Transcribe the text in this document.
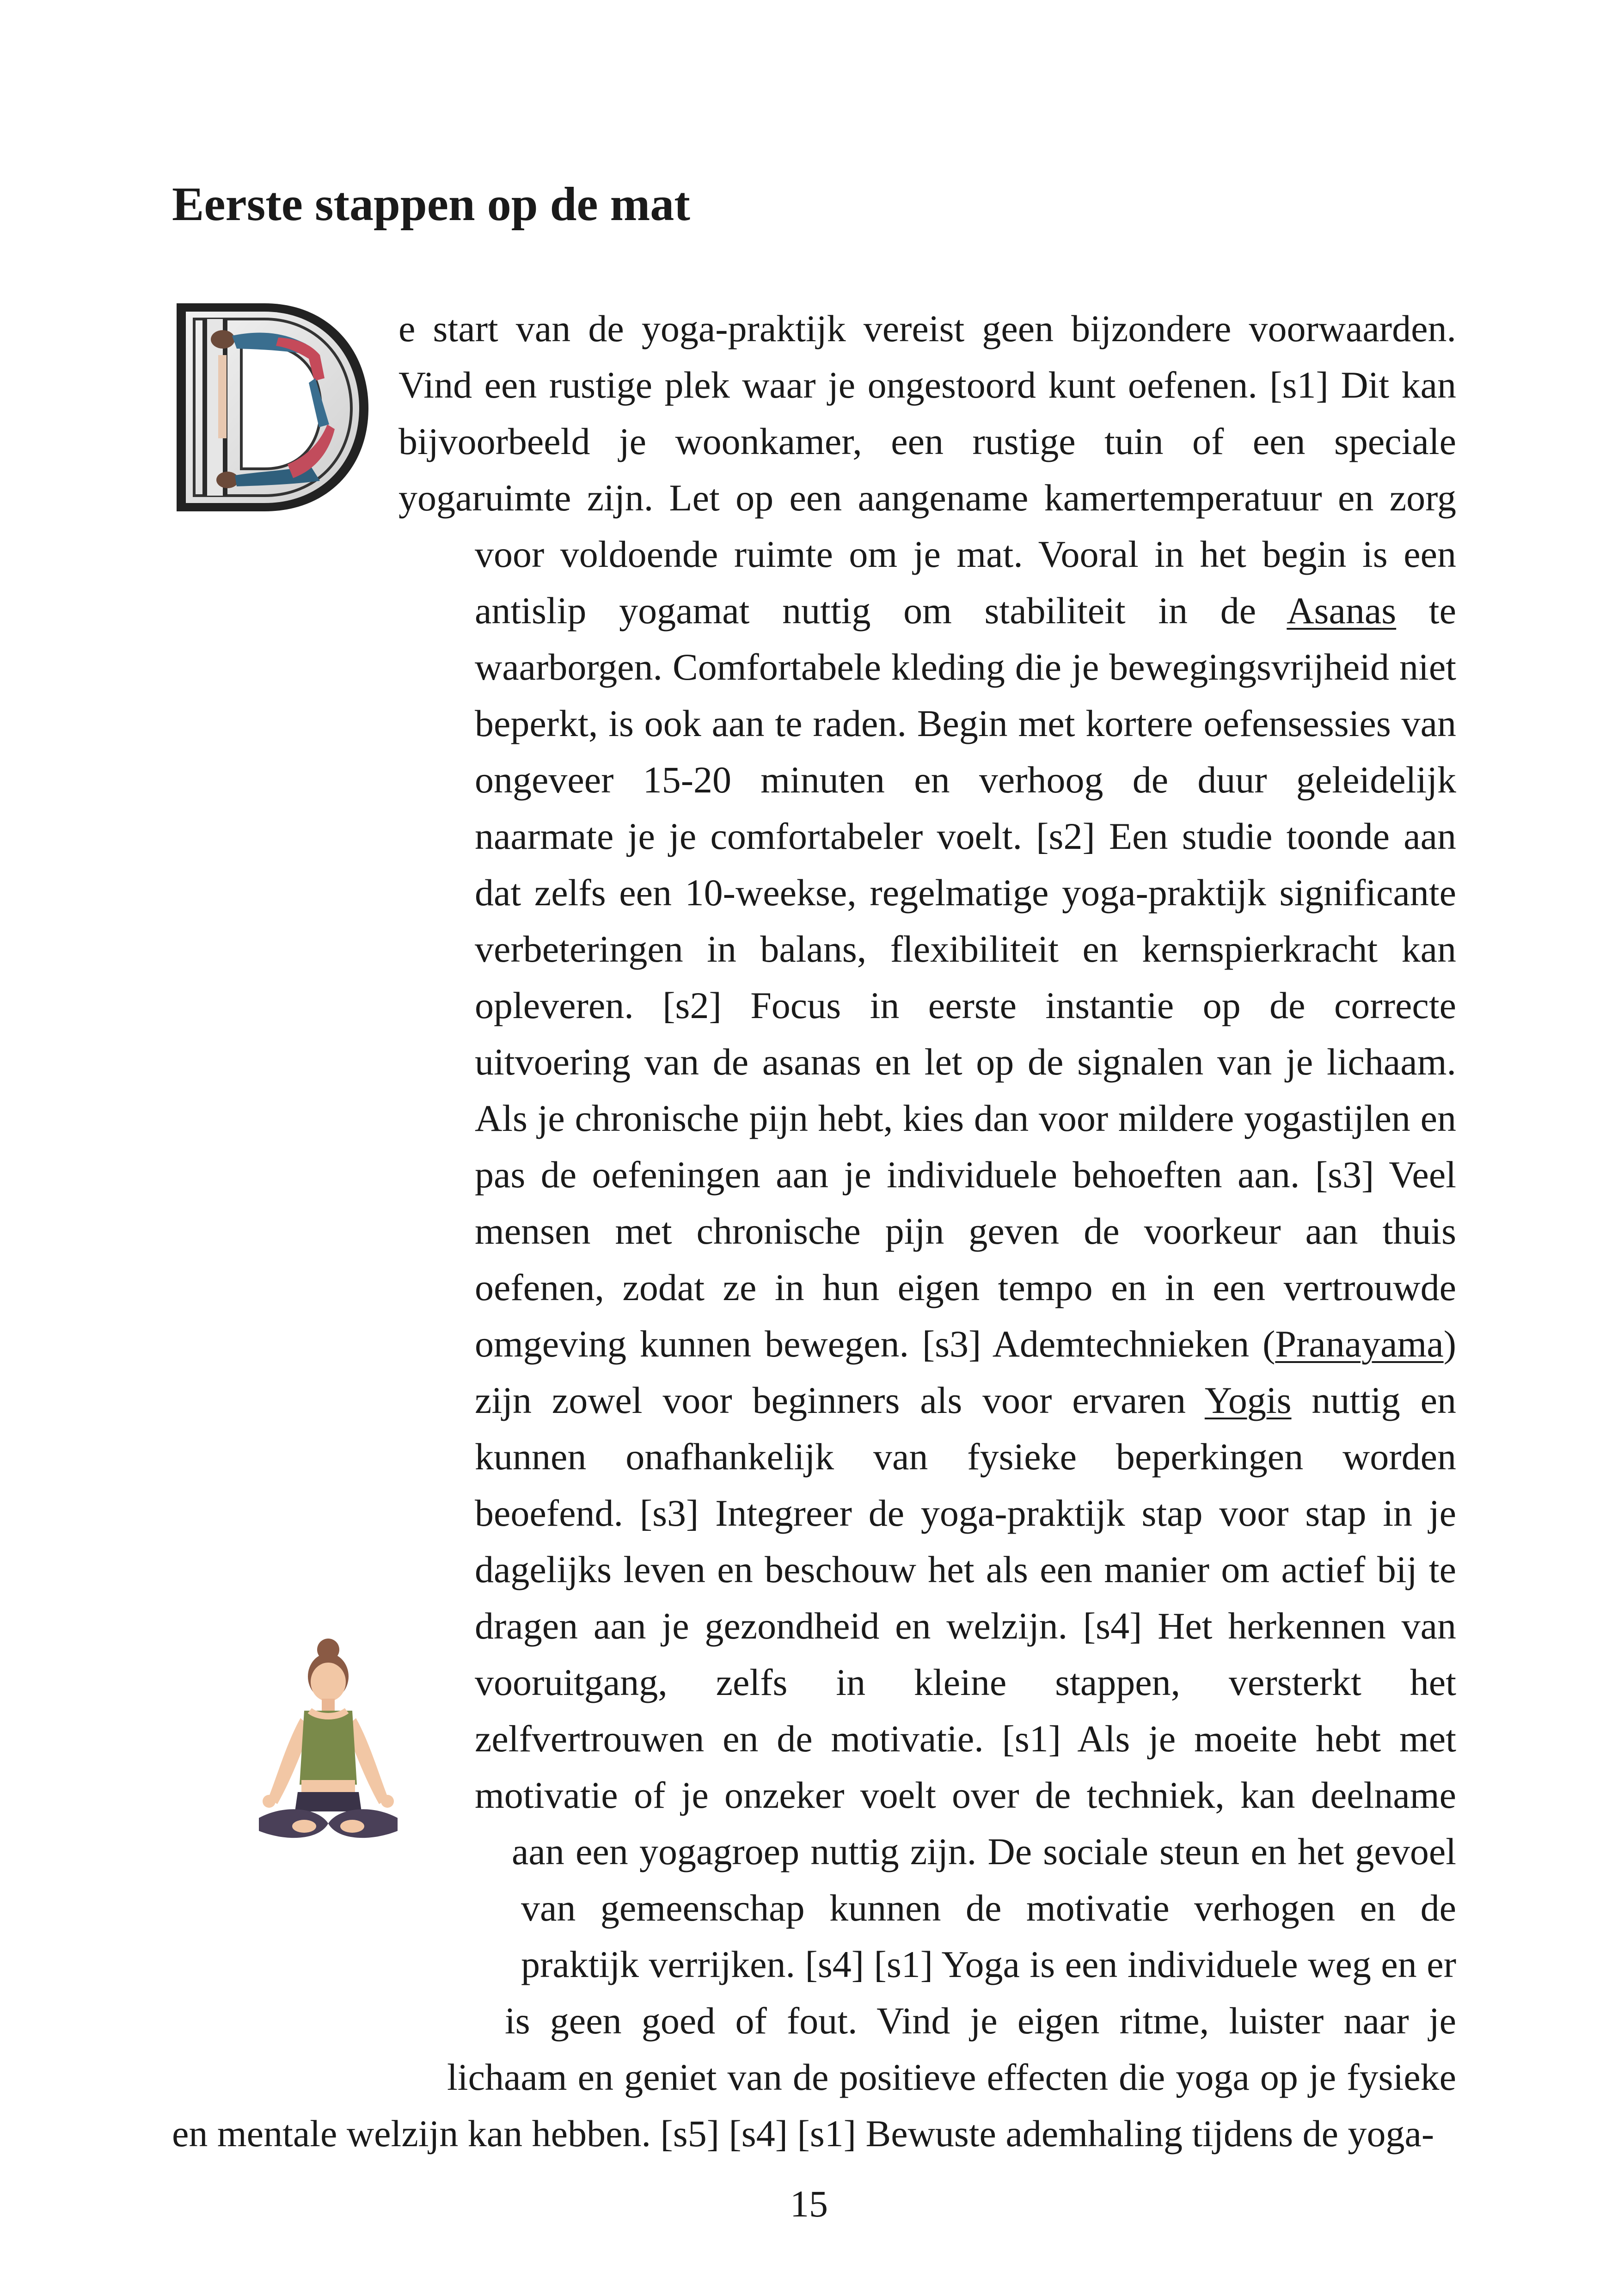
Eerste stappen op de mat

e start van de yoga-praktijk vereist geen bijzondere voorwaarden. Vind een rustige plek waar je ongestoord kunt oefenen. [s1] Dit kan bijvoorbeeld je woonkamer, een rustige tuin of een speciale yogaruimte zijn. Let op een aangename kamertemperatuur en zorg voor voldoende ruimte om je mat. Vooral in het begin is een antislip yogamat nuttig om stabiliteit in de Asanas te waarborgen. Comfortabele kleding die je bewegingsvrijheid niet beperkt, is ook aan te raden. Begin met kortere oefensessies van ongeveer 15-20 minuten en verhoog de duur geleidelijk naarmate je je comfortabeler voelt. [s2] Een studie toonde aan dat zelfs een 10-weekse, regelmatige yoga-praktijk significante verbeteringen in balans, flexibiliteit en kernspierkracht kan opleveren. [s2] Focus in eerste instantie op de correcte uitvoering van de asanas en let op de signalen van je lichaam. Als je chronische pijn hebt, kies dan voor mildere yogastijlen en pas de oefeningen aan je individuele behoeften aan. [s3] Veel mensen met chronische pijn geven de voorkeur aan thuis oefenen, zodat ze in hun eigen tempo en in een vertrouwde omgeving kunnen bewegen. [s3] Ademtechnieken (Pranayama) zijn zowel voor beginners als voor ervaren Yogis nuttig en kunnen onafhankelijk van fysieke beperkingen worden beoefend. [s3] Integreer de yoga-praktijk stap voor stap in je dagelijks leven en beschouw het als een manier om actief bij te dragen aan je gezondheid en welzijn. [s4] Het herkennen van vooruitgang, zelfs in kleine stappen, versterkt het zelfvertrouwen en de motivatie. [s1] Als je moeite hebt met motivatie of je onzeker voelt over de techniek, kan deelname aan een yogagroep nuttig zijn. De sociale steun en het gevoel van gemeenschap kunnen de motivatie verhogen en de praktijk verrijken. [s4] [s1] Yoga is een individuele weg en er is geen goed of fout. Vind je eigen ritme, luister naar je lichaam en geniet van de positieve effecten die yoga op je fysieke en mentale welzijn kan hebben. [s5] [s4] [s1] Bewuste ademhaling tijdens de yoga-

15
